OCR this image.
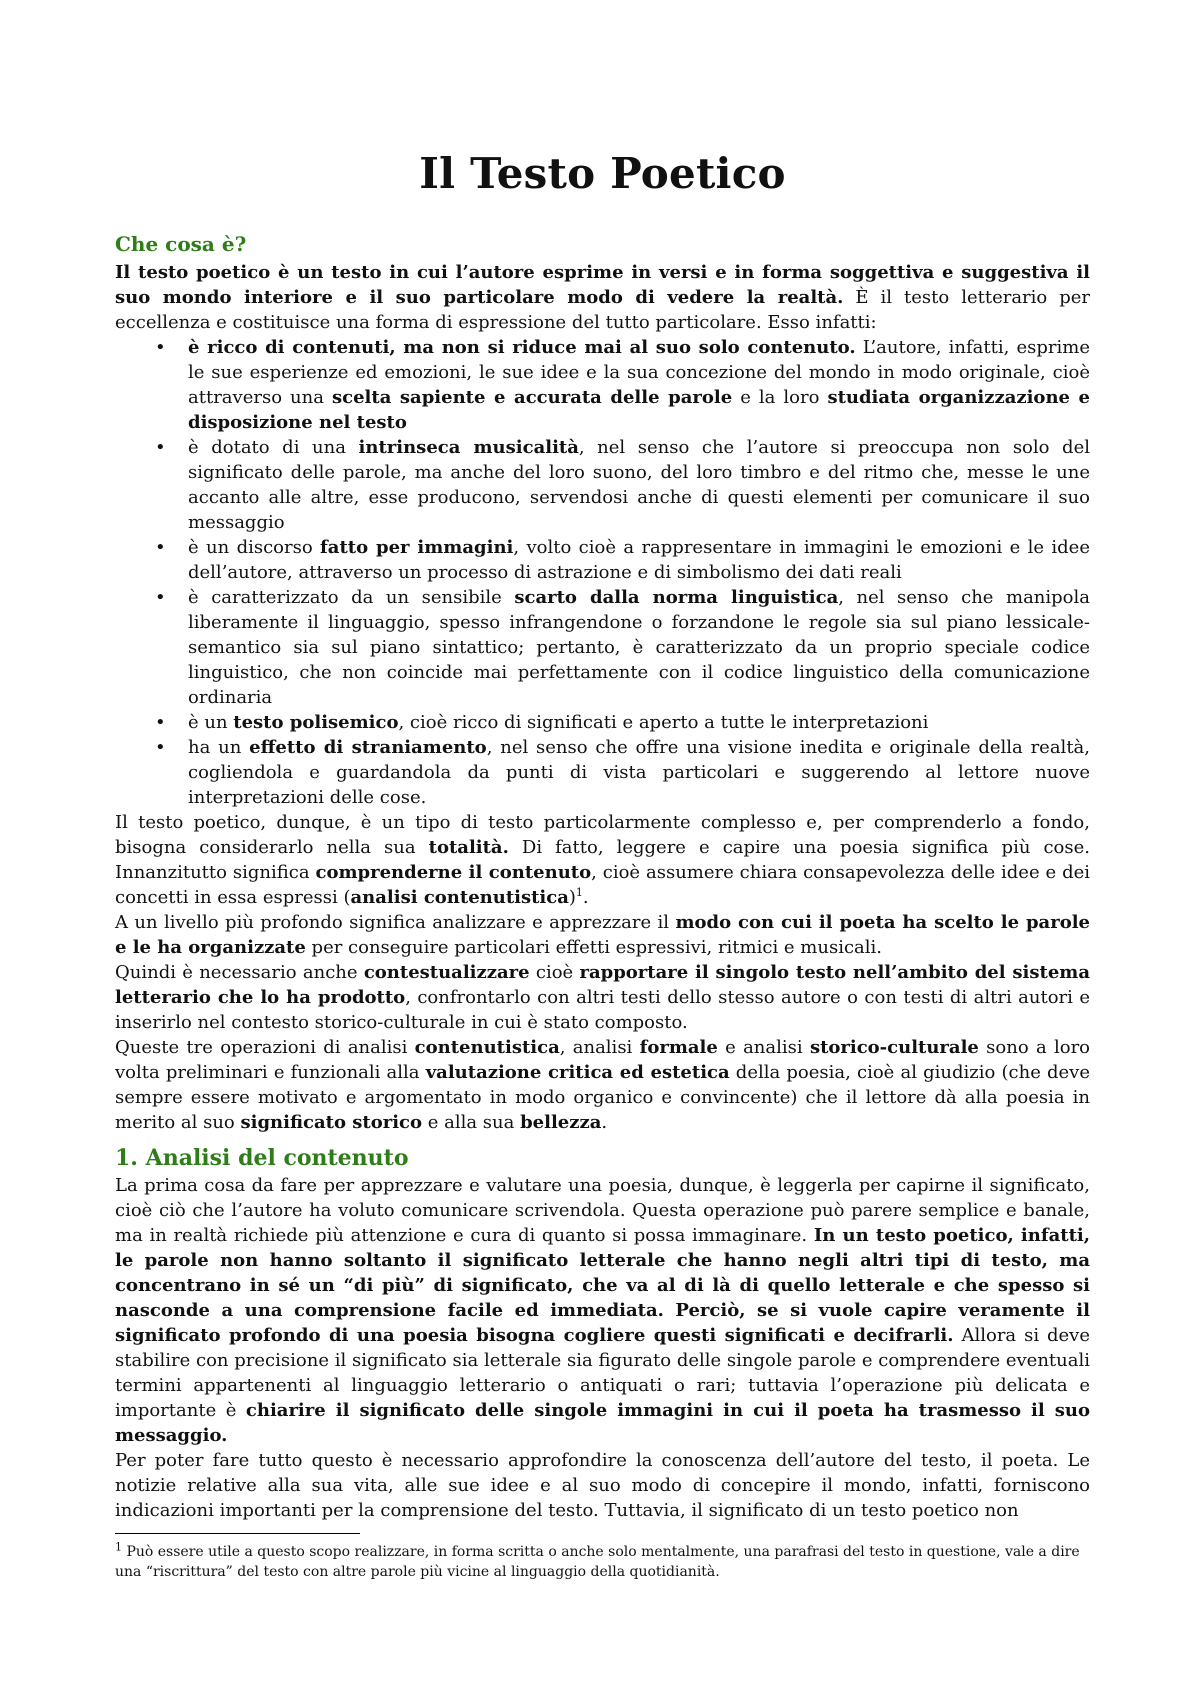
Il Testo Poetico
Che cosa è?

Il testo poetico è un testo in cui l’autore esprime in versi e in forma soggettiva e suggestiva il suo mondo interiore e il suo particolare modo di vedere la realtà. È il testo letterario per eccellenza e costituisce una forma di espressione del tutto particolare. Esso infatti:

• è ricco di contenuti, ma non si riduce mai al suo solo contenuto. L’autore, infatti, esprime le sue esperienze ed emozioni, le sue idee e la sua concezione del mondo in modo originale, cioè attraverso una scelta sapiente e accurata delle parole e la loro studiata organizzazione e disposizione nel testo
• è dotato di una intrinseca musicalità, nel senso che l’autore si preoccupa non solo del significato delle parole, ma anche del loro suono, del loro timbro e del ritmo che, messe le une accanto alle altre, esse producono, servendosi anche di questi elementi per comunicare il suo messaggio
• è un discorso fatto per immagini, volto cioè a rappresentare in immagini le emozioni e le idee dell’autore, attraverso un processo di astrazione e di simbolismo dei dati reali
• è caratterizzato da un sensibile scarto dalla norma linguistica, nel senso che manipola liberamente il linguaggio, spesso infrangendone o forzandone le regole sia sul piano lessicale-semantico sia sul piano sintattico; pertanto, è caratterizzato da un proprio speciale codice linguistico, che non coincide mai perfettamente con il codice linguistico della comunicazione ordinaria
• è un testo polisemico, cioè ricco di significati e aperto a tutte le interpretazioni
• ha un effetto di straniamento, nel senso che offre una visione inedita e originale della realtà, cogliendola e guardandola da punti di vista particolari e suggerendo al lettore nuove interpretazioni delle cose.

Il testo poetico, dunque, è un tipo di testo particolarmente complesso e, per comprenderlo a fondo, bisogna considerarlo nella sua totalità. Di fatto, leggere e capire una poesia significa più cose. Innanzitutto significa comprenderne il contenuto, cioè assumere chiara consapevolezza delle idee e dei concetti in essa espressi (analisi contenutistica)$^1$.

A un livello più profondo significa analizzare e apprezzare il modo con cui il poeta ha scelto le parole e le ha organizzate per conseguire particolari effetti espressivi, ritmici e musicali.

Quindi è necessario anche contestualizzare cioè rapportare il singolo testo nell’ambito del sistema letterario che lo ha prodotto, confrontarlo con altri testi dello stesso autore o con testi di altri autori e inserirlo nel contesto storico-culturale in cui è stato composto.

Queste tre operazioni di analisi contenutistica, analisi formale e analisi storico-culturale sono a loro volta preliminari e funzionali alla valutazione critica ed estetica della poesia, cioè al giudizio (che deve sempre essere motivato e argomentato in modo organico e convincente) che il lettore dà alla poesia in merito al suo significato storico e alla sua bellezza.

1. Analisi del contenuto

La prima cosa da fare per apprezzare e valutare una poesia, dunque, è leggerla per capirne il significato, cioè ciò che l’autore ha voluto comunicare scrivendola. Questa operazione può parere semplice e banale, ma in realtà richiede più attenzione e cura di quanto si possa immaginare. In un testo poetico, infatti, le parole non hanno soltanto il significato letterale che hanno negli altri tipi di testo, ma concentrano in sé un “di più” di significato, che va al di là di quello letterale e che spesso si nasconde a una comprensione facile ed immediata. Perciò, se si vuole capire veramente il significato profondo di una poesia bisogna cogliere questi significati e decifrarli. Allora si deve stabilire con precisione il significato sia letterale sia figurato delle singole parole e comprendere eventuali termini appartenenti al linguaggio letterario o antiquati o rari; tuttavia l’operazione più delicata e importante è chiarire il significato delle singole immagini in cui il poeta ha trasmesso il suo messaggio.

Per poter fare tutto questo è necessario approfondire la conoscenza dell’autore del testo, il poeta. Le notizie relative alla sua vita, alle sue idee e al suo modo di concepire il mondo, infatti, forniscono indicazioni importanti per la comprensione del testo. Tuttavia, il significato di un testo poetico non

$^1$ Può essere utile a questo scopo realizzare, in forma scritta o anche solo mentalmente, una parafrasi del testo in questione, vale a dire una “riscrittura” del testo con altre parole più vicine al linguaggio della quotidianità.
